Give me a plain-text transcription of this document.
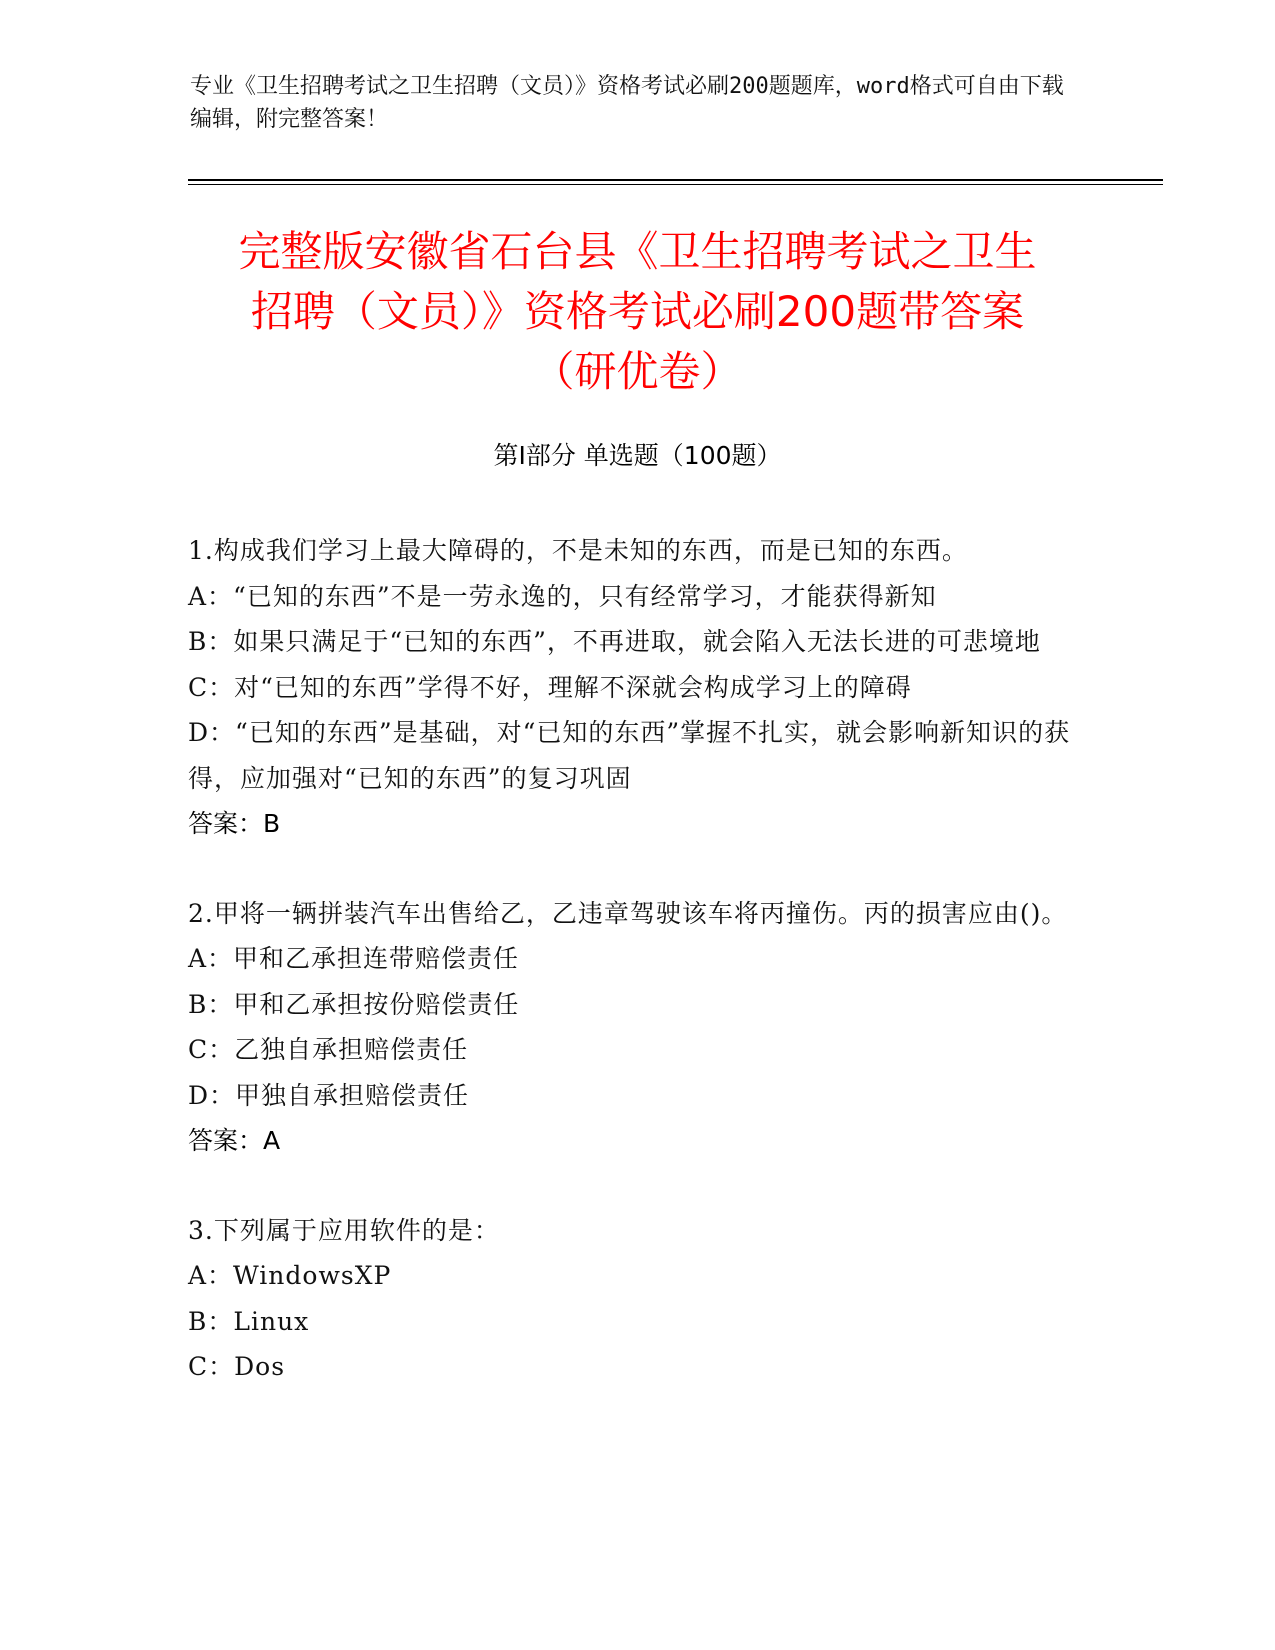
专业《卫生招聘考试之卫生招聘（文员）》资格考试必刷200题题库，word格式可自由下载编辑，附完整答案！
完整版安徽省石台县《卫生招聘考试之卫生
招聘（文员）》资格考试必刷200题带答案
（研优卷）
第Ⅰ部分 单选题（100题）
1.构成我们学习上最大障碍的，不是未知的东西，而是已知的东西。
A：“已知的东西”不是一劳永逸的，只有经常学习，才能获得新知
B：如果只满足于“已知的东西”，不再进取，就会陷入无法长进的可悲境地
C：对“已知的东西”学得不好，理解不深就会构成学习上的障碍
D：“已知的东西”是基础，对“已知的东西”掌握不扎实，就会影响新知识的获得，应加强对“已知的东西”的复习巩固
答案：B
2.甲将一辆拼装汽车出售给乙，乙违章驾驶该车将丙撞伤。丙的损害应由()。
A：甲和乙承担连带赔偿责任
B：甲和乙承担按份赔偿责任
C：乙独自承担赔偿责任
D：甲独自承担赔偿责任
答案：A
3.下列属于应用软件的是：
A：WindowsXP
B：Linux
C：Dos
